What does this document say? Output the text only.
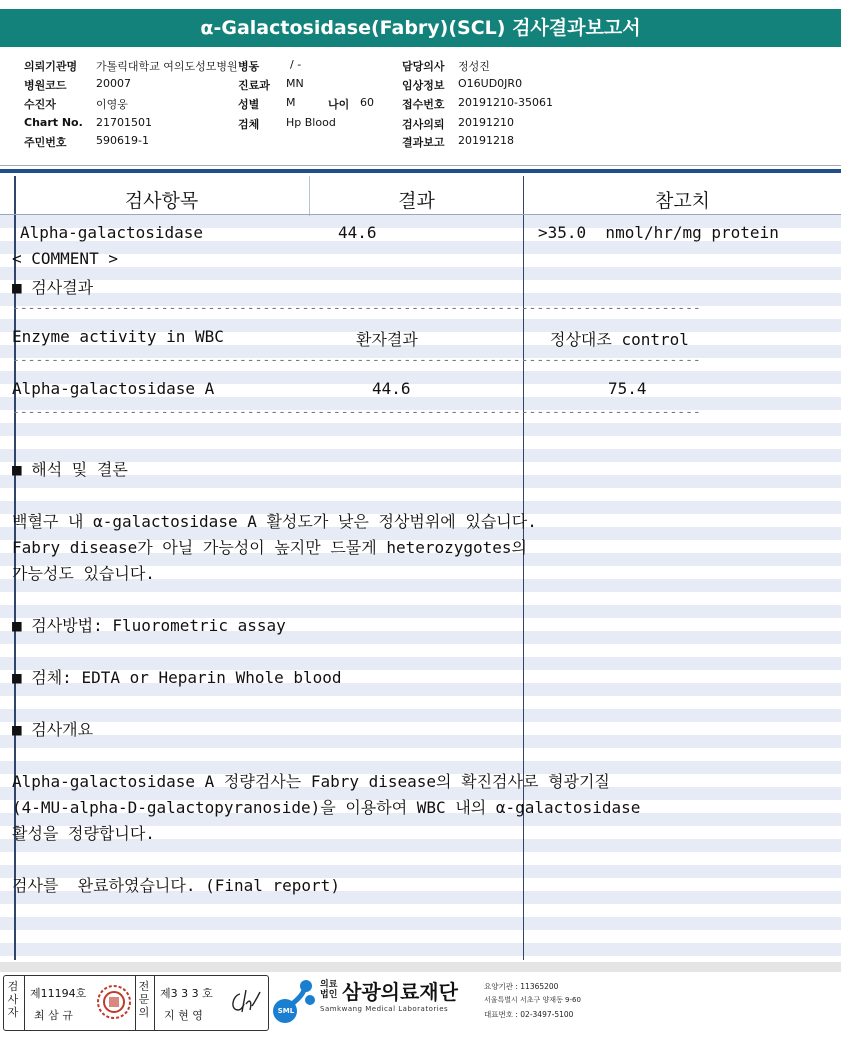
α-Galactosidase(Fabry)(SCL) 검사결과보고서
의뢰기관명 가톨릭대학교 여의도성모병원
병원코드	20007
수진자	이영웅
Chart No. 21701501
주민번호	590619-1
병동	/ -
진료과 MN
성별 M	나이 60
검체 Hp Blood
담당의사 정성진
임상정보 O16UD0JR0
접수번호 20191210-35061
검사의뢰 20191210
결과보고 20191218
검사항목	결과	참고치
Alpha-galactosidase	44.6	>35.0  nmol/hr/mg protein
< COMMENT >
■ 검사결과
----------------------------------------------------------------------------------------
Enzyme activity in WBC	환자결과	정상대조 control
----------------------------------------------------------------------------------------
Alpha-galactosidase A	44.6	75.4
----------------------------------------------------------------------------------------
■ 해석 및 결론
백혈구 내 α-galactosidase A 활성도가 낮은 정상범위에 있습니다.
Fabry disease가 아닐 가능성이 높지만 드물게 heterozygotes의
가능성도 있습니다.
■ 검사방법: Fluorometric assay
■ 검체: EDTA or Heparin Whole blood
■ 검사개요
Alpha-galactosidase A 정량검사는 Fabry disease의 확진검사로 형광기질
(4-MU-alpha-D-galactopyranoside)을 이용하여 WBC 내의 α-galactosidase
활성을 정량합니다.
검사를  완료하였습니다. (Final report)
검사자
제11194호
최 삼 규
전문의
제3 3 3 호
지 현 영	SML
의료법인 삼광의료재단
Samkwang Medical Laboratories
요양기관 : 11365200
서울특별시 서초구 양재동 9-60
대표번호 : 02-3497-5100
